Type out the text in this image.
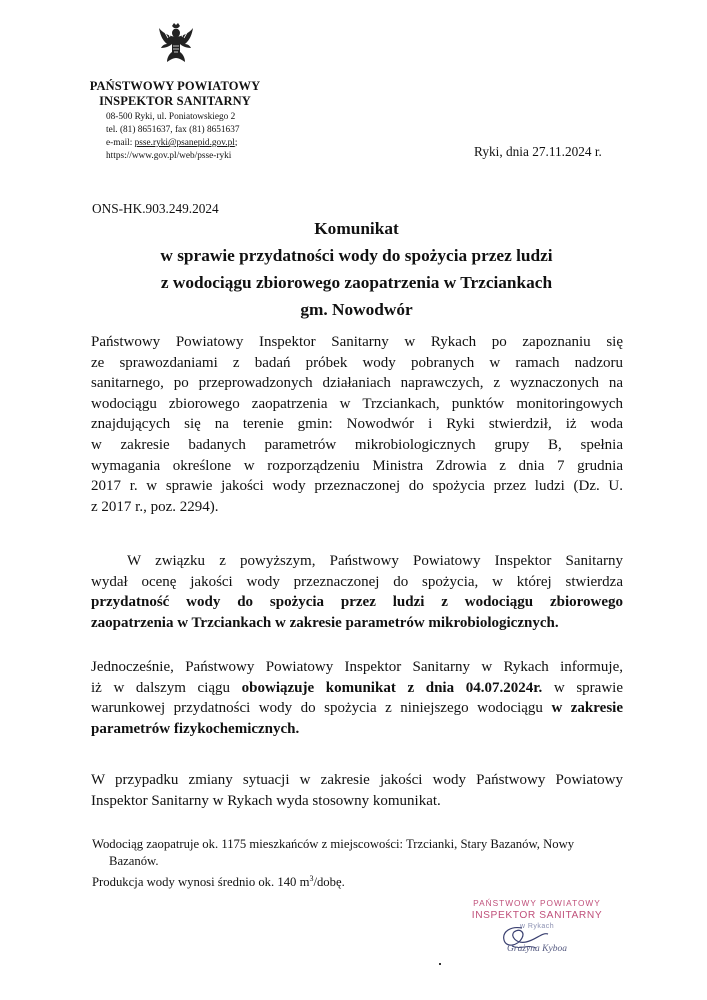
PAŃSTWOWY POWIATOWY
INSPEKTOR SANITARNY
08-500 Ryki, ul. Poniatowskiego 2
tel. (81) 8651637, fax (81) 8651637
e-mail: psse.ryki@psanepid.gov.pl;
https://www.gov.pl/web/psse-ryki	Ryki, dnia 27.11.2024 r.
ONS-HK.903.249.2024
Komunikat
w sprawie przydatności wody do spożycia przez ludzi
z wodociągu zbiorowego zaopatrzenia w Trzciankach
gm. Nowodwór
Państwowy Powiatowy Inspektor Sanitarny w Rykach po zapoznaniu się
ze sprawozdaniami z badań próbek wody pobranych w ramach nadzoru
sanitarnego, po przeprowadzonych działaniach naprawczych, z wyznaczonych na
wodociągu zbiorowego zaopatrzenia w Trzciankach, punktów monitoringowych
znajdujących się na terenie gmin: Nowodwór i Ryki stwierdził, iż woda
w zakresie badanych parametrów mikrobiologicznych grupy B, spełnia
wymagania określone w rozporządzeniu Ministra Zdrowia z dnia 7 grudnia
2017 r. w sprawie jakości wody przeznaczonej do spożycia przez ludzi (Dz. U.
z 2017 r., poz. 2294).
W związku z powyższym, Państwowy Powiatowy Inspektor Sanitarny
wydał ocenę jakości wody przeznaczonej do spożycia, w której stwierdza
przydatność wody do spożycia przez ludzi z wodociągu zbiorowego
zaopatrzenia w Trzciankach w zakresie parametrów mikrobiologicznych.
Jednocześnie, Państwowy Powiatowy Inspektor Sanitarny w Rykach informuje,
iż w dalszym ciągu obowiązuje komunikat z dnia 04.07.2024r. w sprawie
warunkowej przydatności wody do spożycia z niniejszego wodociągu w zakresie
parametrów fizykochemicznych.
W przypadku zmiany sytuacji w zakresie jakości wody Państwowy Powiatowy
Inspektor Sanitarny w Rykach wyda stosowny komunikat.
Wodociąg zaopatruje ok. 1175 mieszkańców z miejscowości: Trzcianki, Stary Bazanów, Nowy
Bazanów.
Produkcja wody wynosi średnio ok. 140 $m^3$/dobę.
PAŃSTWOWY POWIATOWY
INSPEKTOR SANITARNY
w Rykach
Grażyna Kyboa
